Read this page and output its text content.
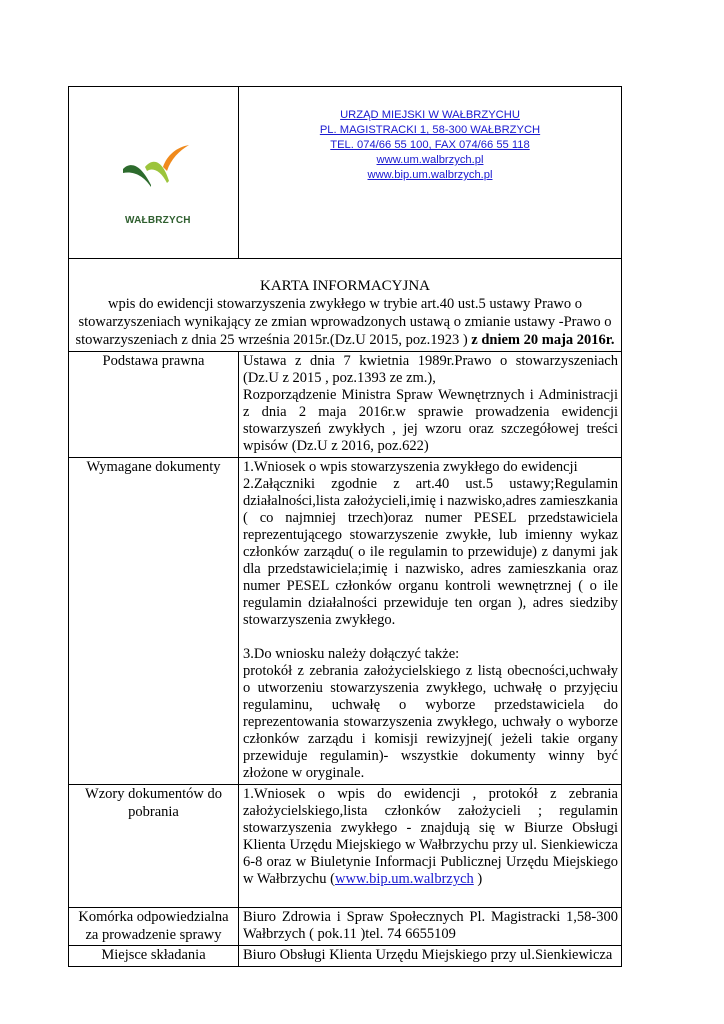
WAŁBRZYCH	URZĄD MIEJSKI W WAŁBRZYCHU
PL. MAGISTRACKI 1, 58-300 WAŁBRZYCH
TEL. 074/66 55 100, FAX 074/66 55 118
www.um.walbrzych.pl
www.bip.um.walbrzych.pl

KARTA INFORMACYJNA
wpis do ewidencji stowarzyszenia zwykłego w trybie art.40 ust.5 ustawy Prawo o stowarzyszeniach wynikający ze zmian wprowadzonych ustawą o zmianie ustawy -Prawo o stowarzyszeniach z dnia 25 września 2015r.(Dz.U 2015, poz.1923 ) z dniem 20 maja 2016r.	
Podstawa prawna	Ustawa z dnia 7 kwietnia 1989r.Prawo o stowarzyszeniach (Dz.U z 2015 , poz.1393 ze zm.),

Rozporządzenie Ministra Spraw Wewnętrznych i Administracji z dnia 2 maja 2016r.w sprawie prowadzenia ewidencji stowarzyszeń zwykłych , jej wzoru oraz szczegółowej treści wpisów (Dz.U z 2016, poz.622)

Wymagane dokumenty	1.Wniosek o wpis stowarzyszenia zwykłego do ewidencji

2.Załączniki zgodnie z art.40 ust.5 ustawy;Regulamin działalności,lista założycieli,imię i nazwisko,adres zamieszkania ( co najmniej trzech)oraz numer PESEL przedstawiciela reprezentującego stowarzyszenie zwykłe, lub imienny wykaz członków zarządu( o ile regulamin to przewiduje) z danymi jak dla przedstawiciela;imię i nazwisko, adres zamieszkania oraz numer PESEL członków organu kontroli wewnętrznej ( o ile regulamin działalności przewiduje ten organ ), adres siedziby stowarzyszenia zwykłego.

3.Do wniosku należy dołączyć także:

protokół z zebrania założycielskiego z listą obecności,uchwały o utworzeniu stowarzyszenia zwykłego, uchwałę o przyjęciu regulaminu, uchwałę o wyborze przedstawiciela do reprezentowania stowarzyszenia zwykłego, uchwały o wyborze członków zarządu i komisji rewizyjnej( jeżeli takie organy przewiduje regulamin)- wszystkie dokumenty winny być złożone w oryginale.

Wzory dokumentów do pobrania	1.Wniosek o wpis do ewidencji , protokół z zebrania założycielskiego,lista członków założycieli ; regulamin stowarzyszenia zwykłego - znajdują się w Biurze Obsługi Klienta Urzędu Miejskiego w Wałbrzychu przy ul. Sienkiewicza 6-8 oraz w Biuletynie Informacji Publicznej Urzędu Miejskiego w Wałbrzychu (www.bip.um.walbrzych )

Komórka odpowiedzialna za prowadzenie sprawy	Biuro Zdrowia i Spraw Społecznych Pl. Magistracki 1,58-300 Wałbrzych ( pok.11 )tel. 74 6655109
Miejsce składania	Biuro Obsługi Klienta Urzędu Miejskiego przy ul.Sienkiewicza
